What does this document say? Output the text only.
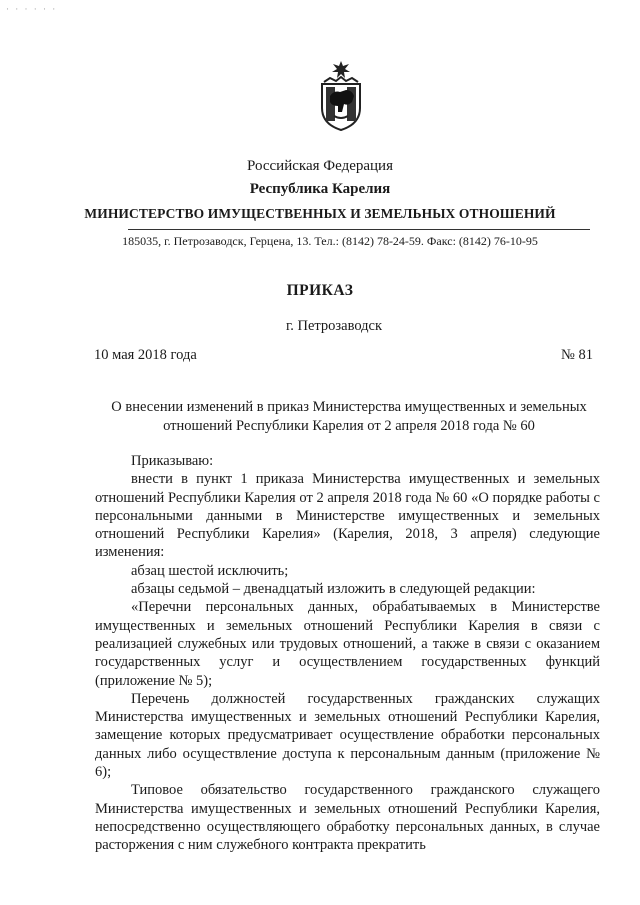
· · · · · ·
Российская Федерация
Республика Карелия
МИНИСТЕРСТВО ИМУЩЕСТВЕННЫХ И ЗЕМЕЛЬНЫХ ОТНОШЕНИЙ
185035, г. Петрозаводск, Герцена, 13. Тел.: (8142) 78-24-59. Факс: (8142) 76-10-95
ПРИКАЗ
г. Петрозаводск
10 мая 2018 года	№ 81
О внесении изменений в приказ Министерства имущественных и земельных отношений Республики Карелия от 2 апреля 2018 года № 60

Приказываю:

внести в пункт 1 приказа Министерства имущественных и земельных отношений Республики Карелия от 2 апреля 2018 года № 60 «О порядке работы с персональными данными в Министерстве имущественных и земельных отношений Республики Карелия» (Карелия, 2018, 3 апреля) следующие изменения:

абзац шестой исключить;

абзацы седьмой – двенадцатый изложить в следующей редакции:

«Перечни персональных данных, обрабатываемых в Министерстве имущественных и земельных отношений Республики Карелия в связи с реализацией служебных или трудовых отношений, а также в связи с оказанием государственных услуг и осуществлением государственных функций (приложение № 5);

Перечень должностей государственных гражданских служащих Министерства имущественных и земельных отношений Республики Карелия, замещение которых предусматривает осуществление обработки персональных данных либо осуществление доступа к персональным данным (приложение № 6);

Типовое обязательство государственного гражданского служащего Министерства имущественных и земельных отношений Республики Карелия, непосредственно осуществляющего обработку персональных данных, в случае расторжения с ним служебного контракта прекратить
